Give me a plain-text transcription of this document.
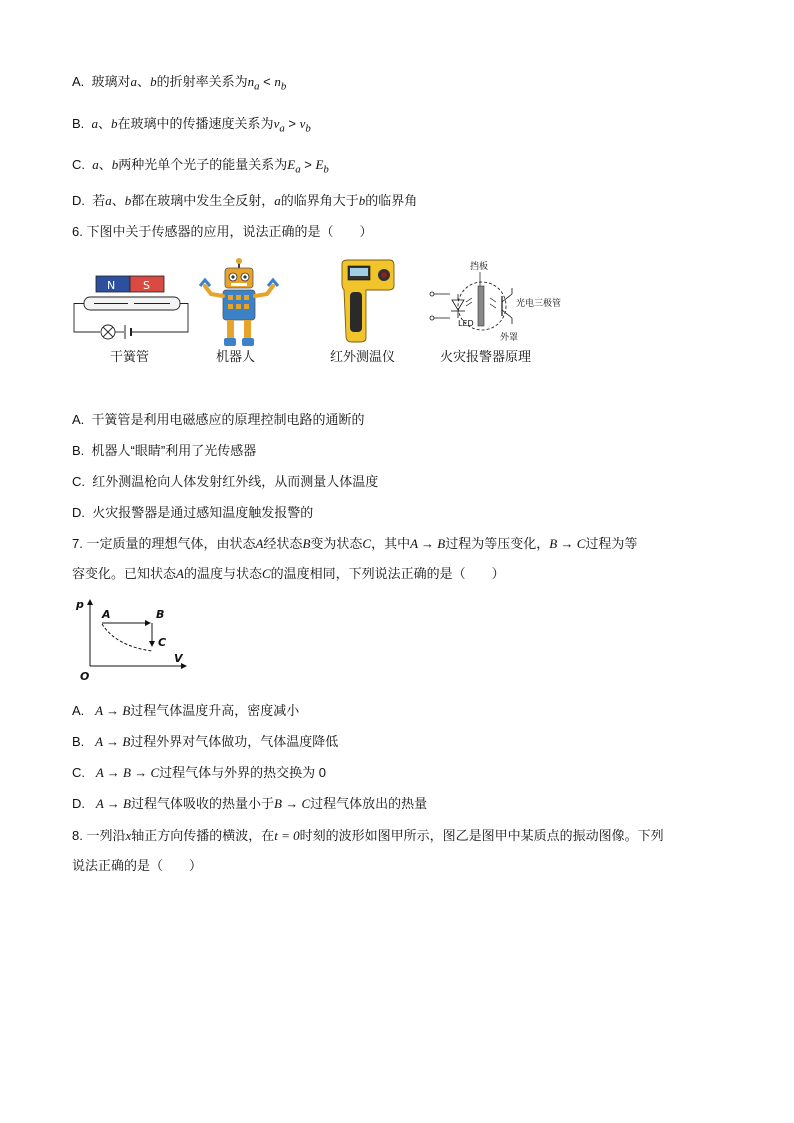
A. 玻璃对a、b的折射率关系为$n_a < n_b$
B. a、b在玻璃中的传播速度关系为$v_a > v_b$
C. a、b两种光单个光子的能量关系为$E_a > E_b$
D. 若a、b都在玻璃中发生全反射，a的临界角大于b的临界角
6. 下图中关于传感器的应用，说法正确的是（　　）
N	S
干簧管	机器人	红外测温仪
挡板
LED
光电三极管
外罩
火灾报警器原理
A. 干簧管是利用电磁感应的原理控制电路的通断的
B. 机器人“眼睛”利用了光传感器
C. 红外测温枪向人体发射红外线，从而测量人体温度
D. 火灾报警器是通过感知温度触发报警的
7. 一定质量的理想气体，由状态A经状态B变为状态C，其中A → B过程为等压变化，B → C过程为等
容变化。已知状态A的温度与状态C的温度相同，下列说法正确的是（　　）
p
V
O
A	B
C
A. A → B过程气体温度升高，密度减小
B. A → B过程外界对气体做功，气体温度降低
C. A → B → C过程气体与外界的热交换为 0
D. A → B过程气体吸收的热量小于B → C过程气体放出的热量
8. 一列沿x轴正方向传播的横波，在t = 0时刻的波形如图甲所示，图乙是图甲中某质点的振动图像。下列
说法正确的是（　　）
